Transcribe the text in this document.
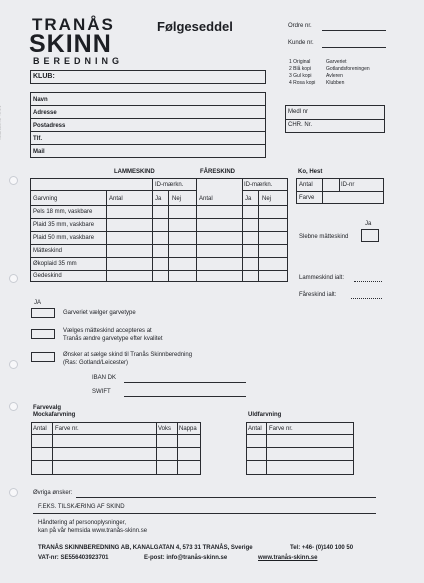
TRANÅS
SKINN
BEREDNING
Følgeseddel	Ordre nr.
Kunde nr.
1 Original	Garveriet
2 Blå kopi	Gotlandsforeningen
3 Gul kopi	Avleren
4 Rosa kopi Klubben
KLUB:
Navn
Adresse
Postadress
Tlf.
Mail
Medl nr
CHR. Nr.
LAMMESKIND	FÅRESKIND	Ko, Hest
ID-mærkn.	ID-mærkn.
Garvning	Antal	Ja Nej	Antal	Ja Nej
Pels 18 mm, vaskbare
Plaid 35 mm, vaskbare
Plaid 50 mm, vaskbare
Mätteskind
Økoplaid 35 mm
Gedeskind
Antal	ID-nr
Farve
Ja
Slebne mätteskind
Lammeskind ialt:
Fåreskind ialt:
JA
Garveriet vælger garvetype
Vælges mätteskind accepteres at
Tranås ændre garvetype efter kvalitet
Ønsker at sælge skind til Tranås Skinnberedning
(Ras: Gotland/Leicester)
IBAN DK
SWIFT
Farvevalg
Mockafarvning	Uldfarvning
Antal Farve nr.	Voks Nappa	Antal Farve nr.
Øvriga ønsker:
F.EKS. TILSKÆRING AF SKIND
Håndtering af personoplysninger,
kan på vår hemsida www.tranås-skinn.se
TRANÅS SKINNBEREDNING AB, KANALGATAN 4, 573 31 TRANÅS, Sverige	Tel: +46- (0)140 100 50
VAT-nr: SE556403923701	E-post: info@tranås-skinn.se	www.tranås-skinn.se
